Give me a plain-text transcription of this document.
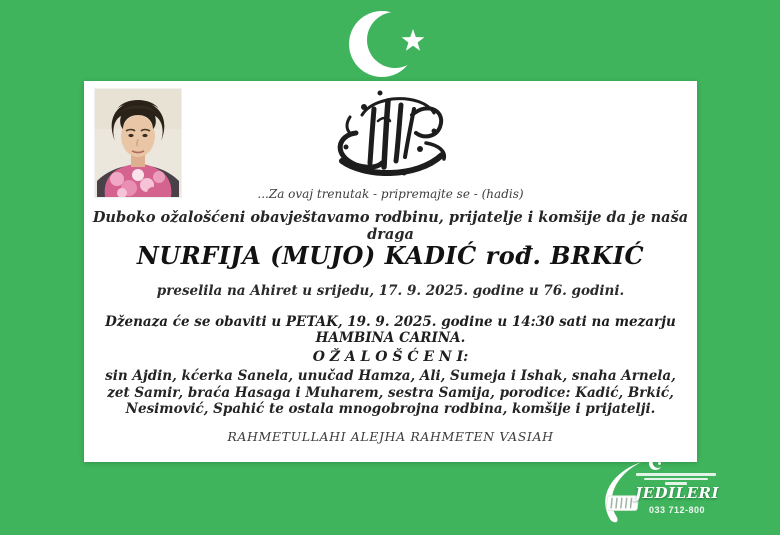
...Za ovaj trenutak - pripremajte se - (hadis)
Duboko ožalošćeni obavještavamo rodbinu, prijatelje i komšije da je naša draga
NURFIJA (MUJO) KADIĆ rođ. BRKIĆ
preselila na Ahiret u srijedu, 17. 9. 2025. godine u 76. godini.
Dženaza će se obaviti u PETAK, 19. 9. 2025. godine u 14:30 sati na mezarju HAMBINA CARINA.
O Ž A L O Š Ć E N I:
sin Ajdin, kćerka Sanela, unučad Hamza, Ali, Sumeja i Ishak, snaha Arnela, zet Samir, braća Hasaga i Muharem, sestra Samija, porodice: Kadić, Brkić, Nesimović, Spahić te ostala mnogobrojna rodbina, komšije i prijatelji.
RAHMETULLAHI ALEJHA RAHMETEN VASIAH
JEDILERI
033 712-800
